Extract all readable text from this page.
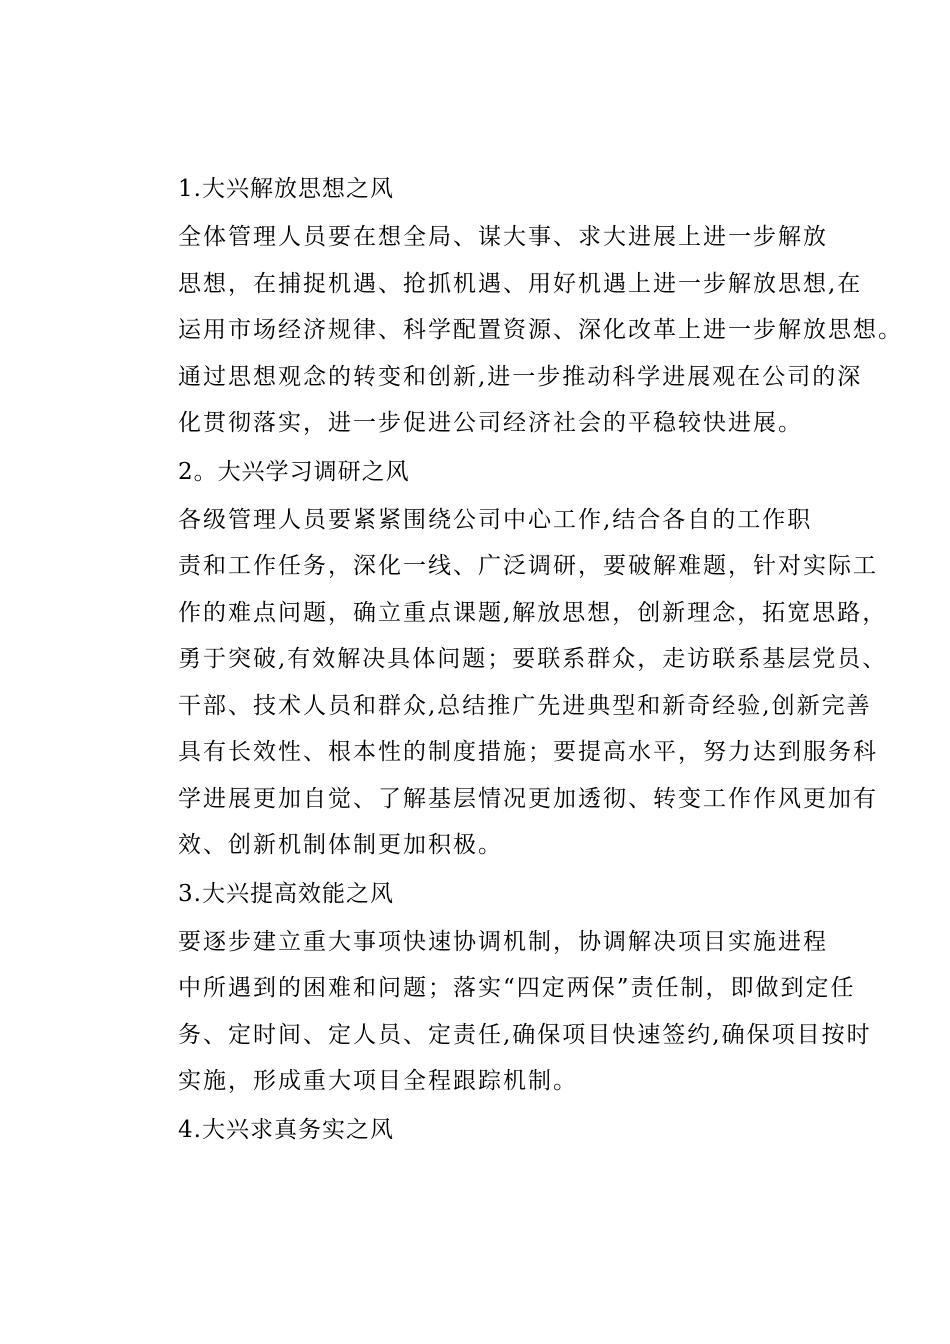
1.大兴解放思想之风
全体管理人员要在想全局、谋大事、求大进展上进一步解放
思想，在捕捉机遇、抢抓机遇、用好机遇上进一步解放思想,在
运用市场经济规律、科学配置资源、深化改革上进一步解放思想。
通过思想观念的转变和创新,进一步推动科学进展观在公司的深
化贯彻落实，进一步促进公司经济社会的平稳较快进展。
2。大兴学习调研之风
各级管理人员要紧紧围绕公司中心工作,结合各自的工作职
责和工作任务，深化一线、广泛调研，要破解难题，针对实际工
作的难点问题，确立重点课题,解放思想，创新理念，拓宽思路，
勇于突破,有效解决具体问题；要联系群众，走访联系基层党员、
干部、技术人员和群众,总结推广先进典型和新奇经验,创新完善
具有长效性、根本性的制度措施；要提高水平，努力达到服务科
学进展更加自觉、了解基层情况更加透彻、转变工作作风更加有
效、创新机制体制更加积极。
3.大兴提高效能之风
要逐步建立重大事项快速协调机制，协调解决项目实施进程
中所遇到的困难和问题；落实“四定两保”责任制，即做到定任
务、定时间、定人员、定责任,确保项目快速签约,确保项目按时
实施，形成重大项目全程跟踪机制。
4.大兴求真务实之风
